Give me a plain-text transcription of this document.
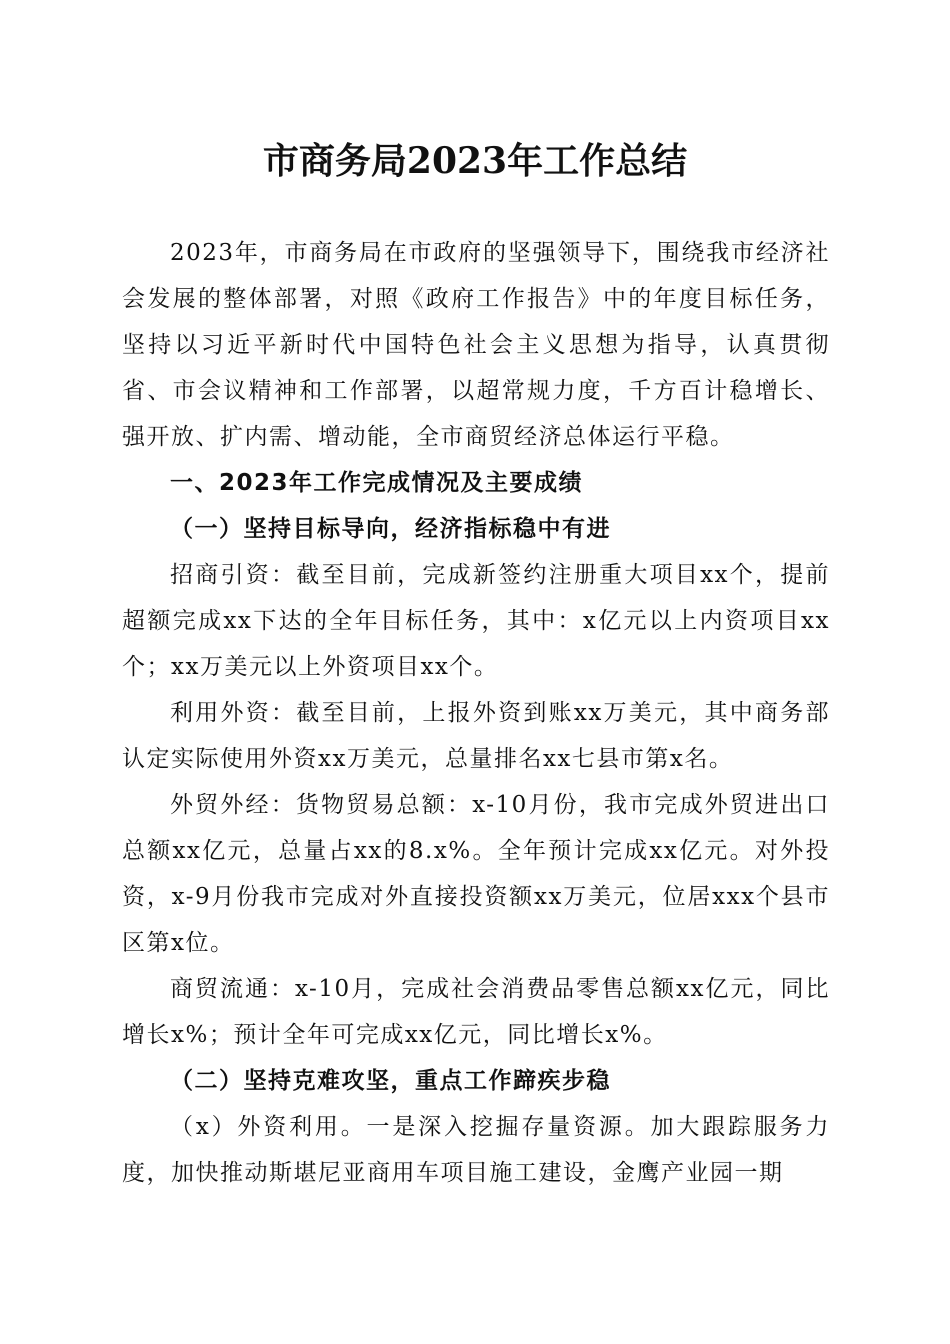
市商务局2023年工作总结

2023年，市商务局在市政府的坚强领导下，围绕我市经济社会发展的整体部署，对照《政府工作报告》中的年度目标任务，坚持以习近平新时代中国特色社会主义思想为指导，认真贯彻省、市会议精神和工作部署，以超常规力度，千方百计稳增长、强开放、扩内需、增动能，全市商贸经济总体运行平稳。

一、2023年工作完成情况及主要成绩

（一）坚持目标导向，经济指标稳中有进

招商引资：截至目前，完成新签约注册重大项目xx个，提前超额完成xx下达的全年目标任务，其中：x亿元以上内资项目xx个；xx万美元以上外资项目xx个。

利用外资：截至目前，上报外资到账xx万美元，其中商务部认定实际使用外资xx万美元，总量排名xx七县市第x名。

外贸外经：货物贸易总额：x-10月份，我市完成外贸进出口总额xx亿元，总量占xx的8.x%。全年预计完成xx亿元。对外投资，x-9月份我市完成对外直接投资额xx万美元，位居xxx个县市区第x位。

商贸流通：x-10月，完成社会消费品零售总额xx亿元，同比增长x%；预计全年可完成xx亿元，同比增长x%。

（二）坚持克难攻坚，重点工作蹄疾步稳

（x）外资利用。一是深入挖掘存量资源。加大跟踪服务力度，加快推动斯堪尼亚商用车项目施工建设，金鹰产业园一期
